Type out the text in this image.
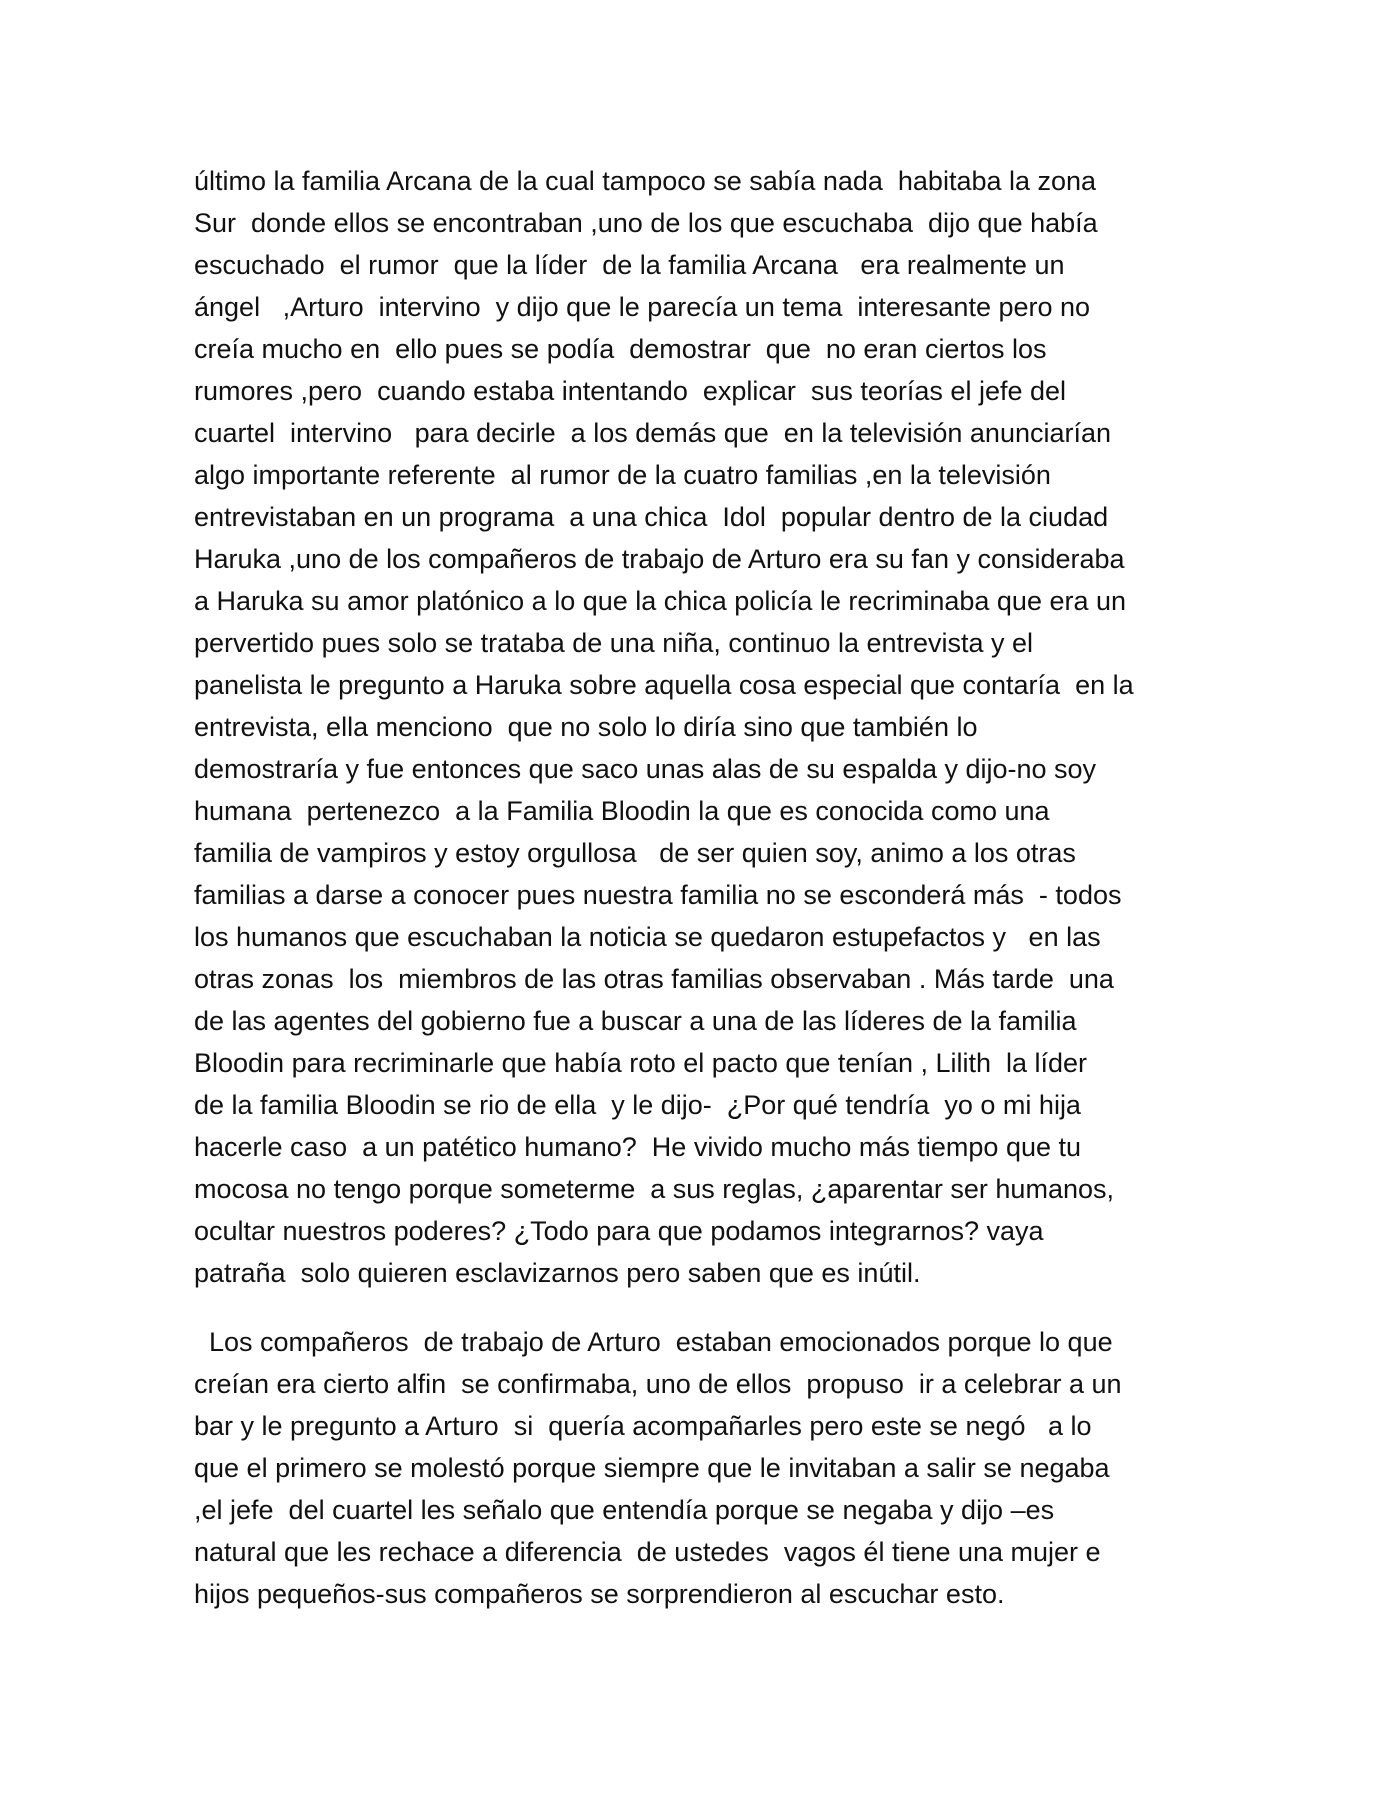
último la familia Arcana de la cual tampoco se sabía nada  habitaba la zona
Sur  donde ellos se encontraban ,uno de los que escuchaba  dijo que había
escuchado  el rumor  que la líder  de la familia Arcana   era realmente un
ángel   ,Arturo  intervino  y dijo que le parecía un tema  interesante pero no
creía mucho en  ello pues se podía  demostrar  que  no eran ciertos los
rumores ,pero  cuando estaba intentando  explicar  sus teorías el jefe del
cuartel  intervino   para decirle  a los demás que  en la televisión anunciarían
algo importante referente  al rumor de la cuatro familias ,en la televisión
entrevistaban en un programa  a una chica  Idol  popular dentro de la ciudad
Haruka ,uno de los compañeros de trabajo de Arturo era su fan y consideraba
a Haruka su amor platónico a lo que la chica policía le recriminaba que era un
pervertido pues solo se trataba de una niña, continuo la entrevista y el
panelista le pregunto a Haruka sobre aquella cosa especial que contaría  en la
entrevista, ella menciono  que no solo lo diría sino que también lo
demostraría y fue entonces que saco unas alas de su espalda y dijo-no soy
humana  pertenezco  a la Familia Bloodin la que es conocida como una
familia de vampiros y estoy orgullosa   de ser quien soy, animo a los otras
familias a darse a conocer pues nuestra familia no se esconderá más  - todos
los humanos que escuchaban la noticia se quedaron estupefactos y   en las
otras zonas  los  miembros de las otras familias observaban . Más tarde  una
de las agentes del gobierno fue a buscar a una de las líderes de la familia
Bloodin para recriminarle que había roto el pacto que tenían , Lilith  la líder
de la familia Bloodin se rio de ella  y le dijo-  ¿Por qué tendría  yo o mi hija
hacerle caso  a un patético humano?  He vivido mucho más tiempo que tu
mocosa no tengo porque someterme  a sus reglas, ¿aparentar ser humanos,
ocultar nuestros poderes? ¿Todo para que podamos integrarnos? vaya
patraña  solo quieren esclavizarnos pero saben que es inútil.
Los compañeros  de trabajo de Arturo  estaban emocionados porque lo que
creían era cierto alfin  se confirmaba, uno de ellos  propuso  ir a celebrar a un
bar y le pregunto a Arturo  si  quería acompañarles pero este se negó   a lo
que el primero se molestó porque siempre que le invitaban a salir se negaba
,el jefe  del cuartel les señalo que entendía porque se negaba y dijo –es
natural que les rechace a diferencia  de ustedes  vagos él tiene una mujer e
hijos pequeños-sus compañeros se sorprendieron al escuchar esto.
